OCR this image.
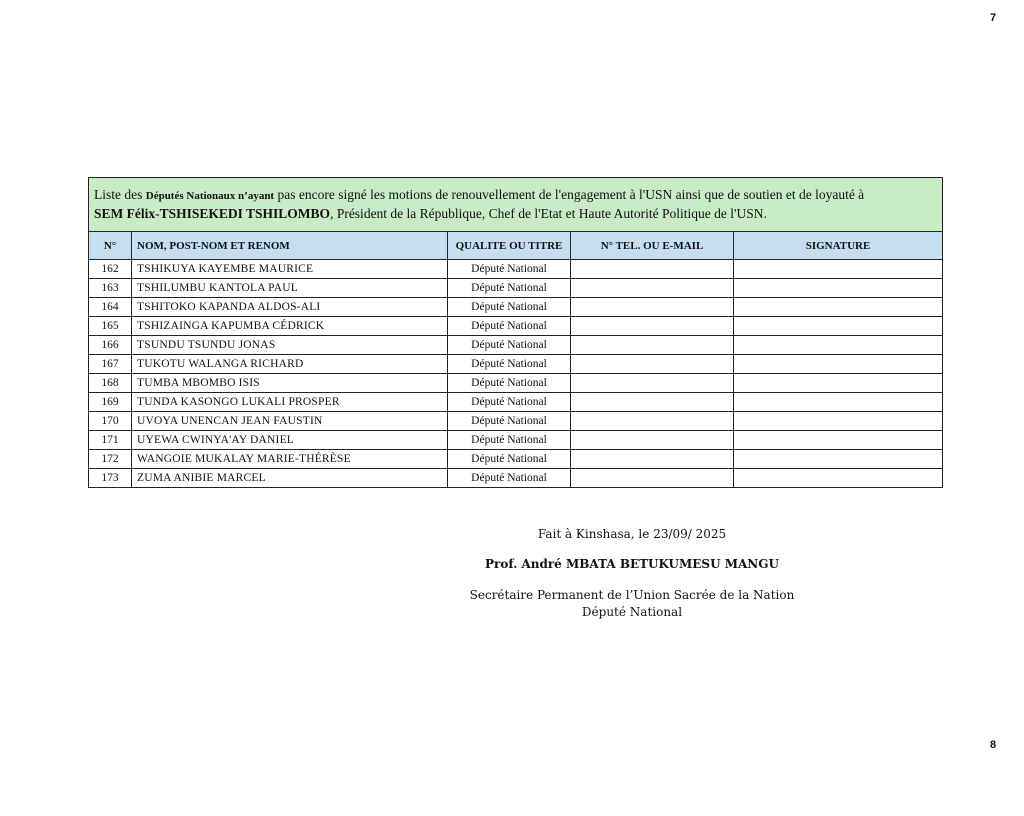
7
Liste des Députés Nationaux n’ayant pas encore signé les motions de renouvellement de l'engagement à l'USN ainsi que de soutien et de loyauté à
SEM Félix-TSHISEKEDI TSHILOMBO, Président de la République, Chef de l'Etat et Haute Autorité Politique de l'USN.				
N°	NOM, POST-NOM ET RENOM	QUALITE OU TITRE	N° TEL. OU E-MAIL	SIGNATURE
162	TSHIKUYA KAYEMBE MAURICE	Député National		
163	TSHILUMBU KANTOLA PAUL	Député National		
164	TSHITOKO KAPANDA ALDOS-ALI	Député National		
165	TSHIZAINGA KAPUMBA CÉDRICK	Député National		
166	TSUNDU TSUNDU JONAS	Député National		
167	TUKOTU WALANGA RICHARD	Député National		
168	TUMBA MBOMBO ISIS	Député National		
169	TUNDA KASONGO LUKALI PROSPER	Député National		
170	UVOYA UNENCAN JEAN FAUSTIN	Député National		
171	UYEWA CWINYA'AY DANIEL	Député National		
172	WANGOIE MUKALAY MARIE-THÉRÈSE	Député National		
173	ZUMA ANIBIE MARCEL	Député National		
Fait à Kinshasa, le 23/09/ 2025
Prof. André MBATA BETUKUMESU MANGU
Secrétaire Permanent de l’Union Sacrée de la Nation
Député National
8
